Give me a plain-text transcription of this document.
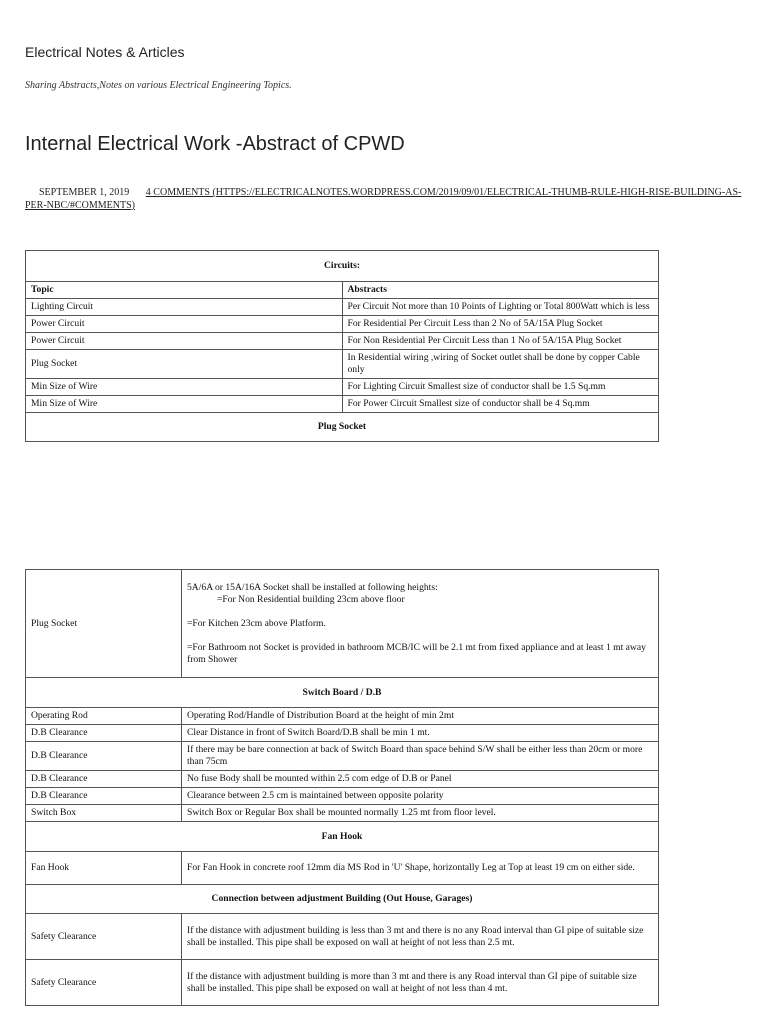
Electrical Notes & Articles

Sharing Abstracts,Notes on various Electrical Engineering Topics.

Internal Electrical Work -Abstract of CPWD
SEPTEMBER 1, 2019 4 COMMENTS (HTTPS://ELECTRICALNOTES.WORDPRESS.COM/2019/09/01/ELECTRICAL-THUMB-RULE-HIGH-RISE-BUILDING-AS-PER-NBC/#COMMENTS)
Circuits:	
Topic	Abstracts
Lighting Circuit	Per Circuit Not more than 10 Points of Lighting or Total 800Watt which is less
Power Circuit	For Residential Per Circuit Less than 2 No of 5A/15A Plug Socket
Power Circuit	For Non Residential Per Circuit Less than 1 No of 5A/15A Plug Socket
Plug Socket	In Residential wiring ,wiring of Socket outlet shall be done by copper Cable only
Min Size of Wire	For Lighting Circuit Smallest size of conductor shall be 1.5 Sq.mm
Min Size of Wire	For Power Circuit Smallest size of conductor shall be 4 Sq.mm
Plug Socket	
Plug Socket	5A/6A or 15A/16A Socket shall be installed at following heights:

=For Non Residential building 23cm above floor

=For Kitchen 23cm above Platform.

=For Bathroom not Socket is provided in bathroom MCB/IC will be 2.1 mt from fixed appliance and at least 1 mt away from Shower

Switch Board / D.B	
Operating Rod	Operating Rod/Handle of Distribution Board at the height of min 2mt
D.B Clearance	Clear Distance in front of Switch Board/D.B shall be min 1 mt.
D.B Clearance	If there may be bare connection at back of Switch Board than space behind S/W shall be either less than 20cm or more than 75cm
D.B Clearance	No fuse Body shall be mounted within 2.5 com edge of D.B or Panel
D.B Clearance	Clearance between 2.5 cm is maintained between opposite polarity
Switch Box	Switch Box or Regular Box shall be mounted normally 1.25 mt from floor level.
Fan Hook	
Fan Hook	For Fan Hook in concrete roof 12mm dia MS Rod in 'U' Shape, horizontally Leg at Top at least 19 cm on either side.
Connection between adjustment Building (Out House, Garages)	
Safety Clearance	If the distance with adjustment building is less than 3 mt and there is no any Road interval than GI pipe of suitable size shall be installed. This pipe shall be exposed on wall at height of not less than 2.5 mt.
Safety Clearance	If the distance with adjustment building is more than 3 mt and there is any Road interval than GI pipe of suitable size shall be installed. This pipe shall be exposed on wall at height of not less than 4 mt.
